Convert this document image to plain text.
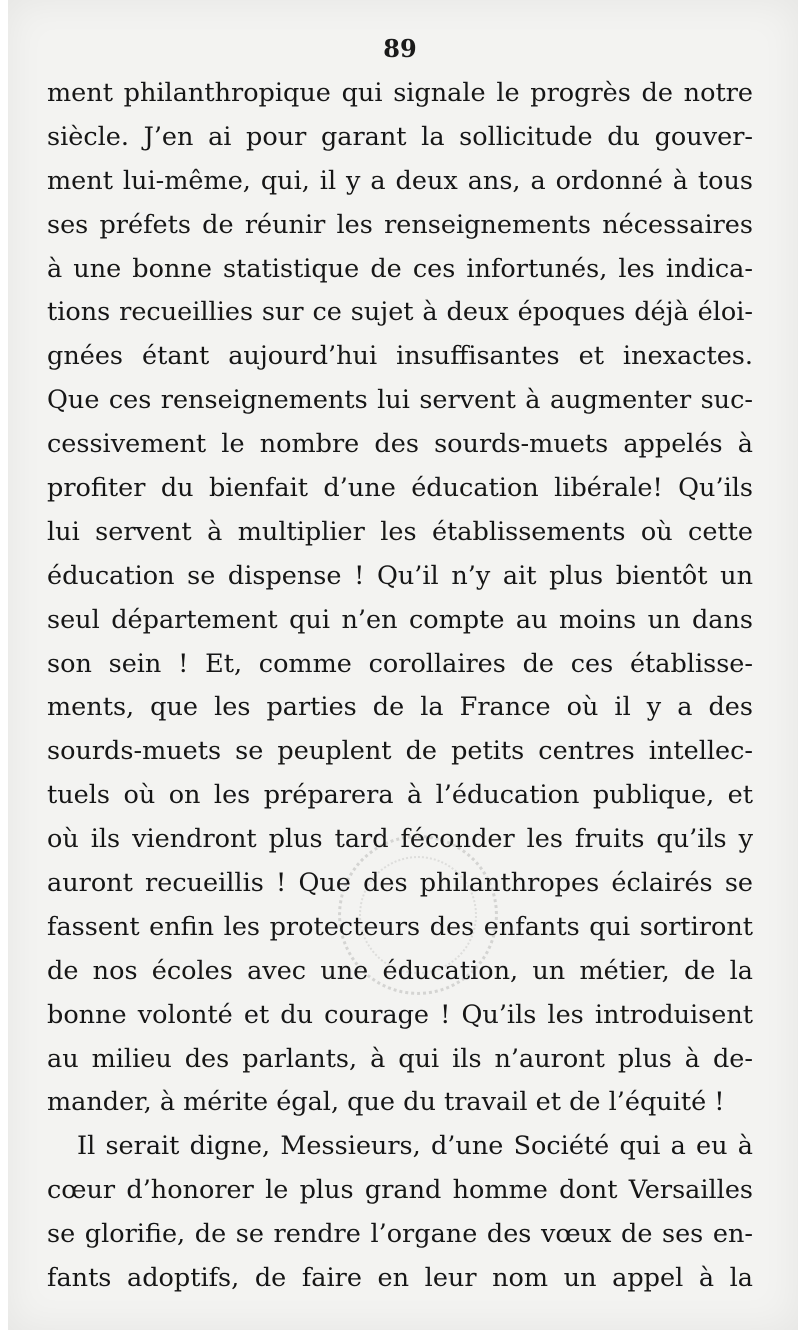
89
ment philanthropique qui signale le progrès de notre
siècle. J’en ai pour garant la sollicitude du gouver-
ment lui-même, qui, il y a deux ans, a ordonné à tous
ses préfets de réunir les renseignements nécessaires
à une bonne statistique de ces infortunés, les indica-
tions recueillies sur ce sujet à deux époques déjà éloi-
gnées étant aujourd’hui insuffisantes et inexactes.
Que ces renseignements lui servent à augmenter suc-
cessivement le nombre des sourds-muets appelés à
profiter du bienfait d’une éducation libérale! Qu’ils
lui servent à multiplier les établissements où cette
éducation se dispense ! Qu’il n’y ait plus bientôt un
seul département qui n’en compte au moins un dans
son sein ! Et, comme corollaires de ces établisse-
ments, que les parties de la France où il y a des
sourds-muets se peuplent de petits centres intellec-
tuels où on les préparera à l’éducation publique, et
où ils viendront plus tard féconder les fruits qu’ils y
auront recueillis ! Que des philanthropes éclairés se
fassent enfin les protecteurs des enfants qui sortiront
de nos écoles avec une éducation, un métier, de la
bonne volonté et du courage ! Qu’ils les introduisent
au milieu des parlants, à qui ils n’auront plus à de-
mander, à mérite égal, que du travail et de l’équité !
Il serait digne, Messieurs, d’une Société qui a eu à
cœur d’honorer le plus grand homme dont Versailles
se glorifie, de se rendre l’organe des vœux de ses en-
fants adoptifs, de faire en leur nom un appel à la
